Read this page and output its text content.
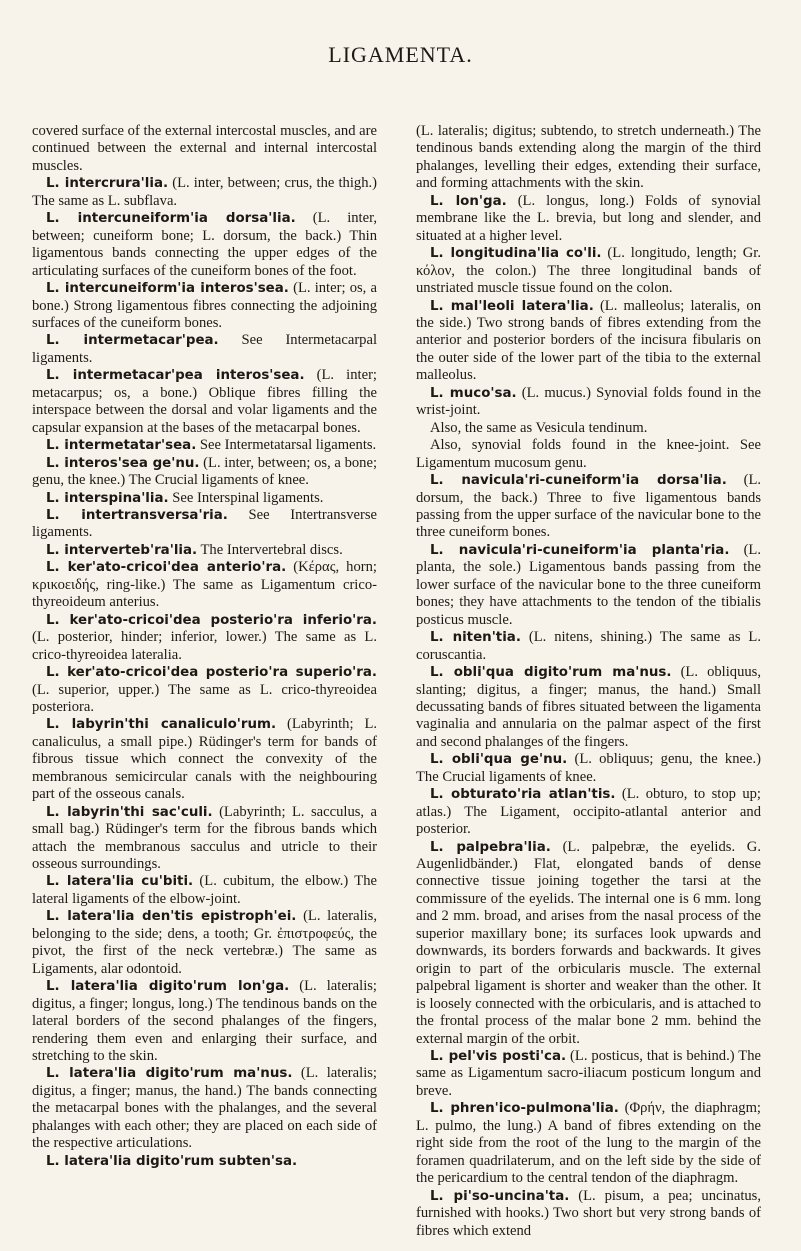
LIGAMENTA.

covered surface of the external intercostal muscles, and are continued between the external and internal intercostal muscles.

L. intercrura'lia. (L. inter, between; crus, the thigh.) The same as L. subflava.

L. intercuneiform'ia dorsa'lia. (L. inter, between; cuneiform bone; L. dorsum, the back.) Thin ligamentous bands connecting the upper edges of the articulating surfaces of the cuneiform bones of the foot.

L. intercuneiform'ia interos'sea. (L. inter; os, a bone.) Strong ligamentous fibres connecting the adjoining surfaces of the cuneiform bones.

L. intermetacar'pea. See Intermetacarpal ligaments.

L. intermetacar'pea interos'sea. (L. inter; metacarpus; os, a bone.) Oblique fibres filling the interspace between the dorsal and volar ligaments and the capsular expansion at the bases of the metacarpal bones.

L. intermetatar'sea. See Intermetatarsal ligaments.

L. interos'sea ge'nu. (L. inter, between; os, a bone; genu, the knee.) The Crucial ligaments of knee.

L. interspina'lia. See Interspinal ligaments.

L. intertransversa'ria. See Intertransverse ligaments.

L. interverteb'ra'lia. The Intervertebral discs.

L. ker'ato-cricoi'dea anterio'ra. (Κέρας, horn; κρικοειδής, ring-like.) The same as Ligamentum crico-thyreoideum anterius.

L. ker'ato-cricoi'dea posterio'ra inferio'ra. (L. posterior, hinder; inferior, lower.) The same as L. crico-thyreoidea lateralia.

L. ker'ato-cricoi'dea posterio'ra superio'ra. (L. superior, upper.) The same as L. crico-thyreoidea posteriora.

L. labyrin'thi canaliculo'rum. (Labyrinth; L. canaliculus, a small pipe.) Rüdinger's term for bands of fibrous tissue which connect the convexity of the membranous semicircular canals with the neighbouring part of the osseous canals.

L. labyrin'thi sac'culi. (Labyrinth; L. sacculus, a small bag.) Rüdinger's term for the fibrous bands which attach the membranous sacculus and utricle to their osseous surroundings.

L. latera'lia cu'biti. (L. cubitum, the elbow.) The lateral ligaments of the elbow-joint.

L. latera'lia den'tis epistroph'ei. (L. lateralis, belonging to the side; dens, a tooth; Gr. ἐπιστροφεύς, the pivot, the first of the neck vertebræ.) The same as Ligaments, alar odontoid.

L. latera'lia digito'rum lon'ga. (L. lateralis; digitus, a finger; longus, long.) The tendinous bands on the lateral borders of the second phalanges of the fingers, rendering them even and enlarging their surface, and stretching to the skin.

L. latera'lia digito'rum ma'nus. (L. lateralis; digitus, a finger; manus, the hand.) The bands connecting the metacarpal bones with the phalanges, and the several phalanges with each other; they are placed on each side of the respective articulations.

L. latera'lia digito'rum subten'sa.

(L. lateralis; digitus; subtendo, to stretch underneath.) The tendinous bands extending along the margin of the third phalanges, levelling their edges, extending their surface, and forming attachments with the skin.

L. lon'ga. (L. longus, long.) Folds of synovial membrane like the L. brevia, but long and slender, and situated at a higher level.

L. longitudina'lia co'li. (L. longitudo, length; Gr. κόλον, the colon.) The three longitudinal bands of unstriated muscle tissue found on the colon.

L. mal'leoli latera'lia. (L. malleolus; lateralis, on the side.) Two strong bands of fibres extending from the anterior and posterior borders of the incisura fibularis on the outer side of the lower part of the tibia to the external malleolus.

L. muco'sa. (L. mucus.) Synovial folds found in the wrist-joint.

Also, the same as Vesicula tendinum.

Also, synovial folds found in the knee-joint. See Ligamentum mucosum genu.

L. navicula'ri-cuneiform'ia dorsa'lia. (L. dorsum, the back.) Three to five ligamentous bands passing from the upper surface of the navicular bone to the three cuneiform bones.

L. navicula'ri-cuneiform'ia planta'ria. (L. planta, the sole.) Ligamentous bands passing from the lower surface of the navicular bone to the three cuneiform bones; they have attachments to the tendon of the tibialis posticus muscle.

L. niten'tia. (L. nitens, shining.) The same as L. coruscantia.

L. obli'qua digito'rum ma'nus. (L. obliquus, slanting; digitus, a finger; manus, the hand.) Small decussating bands of fibres situated between the ligamenta vaginalia and annularia on the palmar aspect of the first and second phalanges of the fingers.

L. obli'qua ge'nu. (L. obliquus; genu, the knee.) The Crucial ligaments of knee.

L. obturato'ria atlan'tis. (L. obturo, to stop up; atlas.) The Ligament, occipito-atlantal anterior and posterior.

L. palpebra'lia. (L. palpebræ, the eyelids. G. Augenlidbänder.) Flat, elongated bands of dense connective tissue joining together the tarsi at the commissure of the eyelids. The internal one is 6 mm. long and 2 mm. broad, and arises from the nasal process of the superior maxillary bone; its surfaces look upwards and downwards, its borders forwards and backwards. It gives origin to part of the orbicularis muscle. The external palpebral ligament is shorter and weaker than the other. It is loosely connected with the orbicularis, and is attached to the frontal process of the malar bone 2 mm. behind the external margin of the orbit.

L. pel'vis posti'ca. (L. posticus, that is behind.) The same as Ligamentum sacro-iliacum posticum longum and breve.

L. phren'ico-pulmona'lia. (Φρήν, the diaphragm; L. pulmo, the lung.) A band of fibres extending on the right side from the root of the lung to the margin of the foramen quadrilaterum, and on the left side by the side of the pericardium to the central tendon of the diaphragm.

L. pi'so-uncina'ta. (L. pisum, a pea; uncinatus, furnished with hooks.) Two short but very strong bands of fibres which extend
